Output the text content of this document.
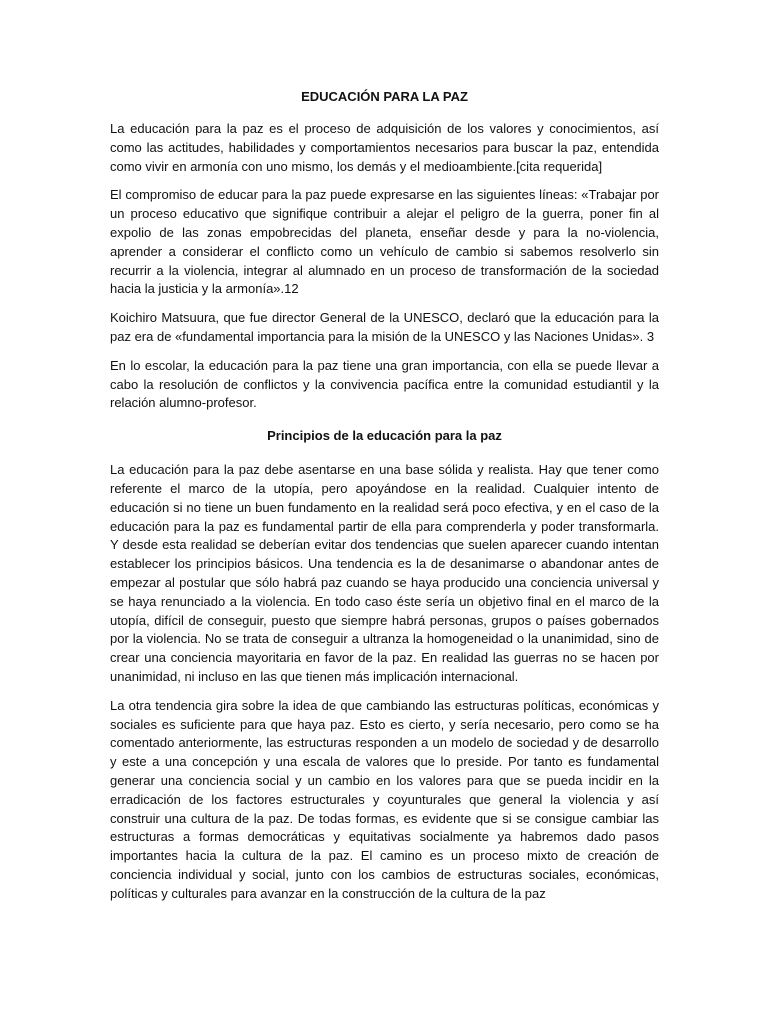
EDUCACIÓN PARA LA PAZ

La educación para la paz es el proceso de adquisición de los valores y conocimientos, así como las actitudes, habilidades y comportamientos necesarios para buscar la paz, entendida como vivir en armonía con uno mismo, los demás y el medioambiente.[cita requerida]

El compromiso de educar para la paz puede expresarse en las siguientes líneas: «Trabajar por un proceso educativo que signifique contribuir a alejar el peligro de la guerra, poner fin al expolio de las zonas empobrecidas del planeta, enseñar desde y para la no-violencia, aprender a considerar el conflicto como un vehículo de cambio si sabemos resolverlo sin recurrir a la violencia, integrar al alumnado en un proceso de transformación de la sociedad hacia la justicia y la armonía».12

Koichiro Matsuura, que fue director General de la UNESCO, declaró que la educación para la paz era de «fundamental importancia para la misión de la UNESCO y las Naciones Unidas». 3

En lo escolar, la educación para la paz tiene una gran importancia, con ella se puede llevar a cabo la resolución de conflictos y la convivencia pacífica entre la comunidad estudiantil y la relación alumno-profesor.

Principios de la educación para la paz

La educación para la paz debe asentarse en una base sólida y realista. Hay que tener como referente el marco de la utopía, pero apoyándose en la realidad. Cualquier intento de educación si no tiene un buen fundamento en la realidad será poco efectiva, y en el caso de la educación para la paz es fundamental partir de ella para comprenderla y poder transformarla. Y desde esta realidad se deberían evitar dos tendencias que suelen aparecer cuando intentan establecer los principios básicos. Una tendencia es la de desanimarse o abandonar antes de empezar al postular que sólo habrá paz cuando se haya producido una conciencia universal y se haya renunciado a la violencia. En todo caso éste sería un objetivo final en el marco de la utopía, difícil de conseguir, puesto que siempre habrá personas, grupos o países gobernados por la violencia. No se trata de conseguir a ultranza la homogeneidad o la unanimidad, sino de crear una conciencia mayoritaria en favor de la paz. En realidad las guerras no se hacen por unanimidad, ni incluso en las que tienen más implicación internacional.

La otra tendencia gira sobre la idea de que cambiando las estructuras políticas, económicas y sociales es suficiente para que haya paz. Esto es cierto, y sería necesario, pero como se ha comentado anteriormente, las estructuras responden a un modelo de sociedad y de desarrollo y este a una concepción y una escala de valores que lo preside. Por tanto es fundamental generar una conciencia social y un cambio en los valores para que se pueda incidir en la erradicación de los factores estructurales y coyunturales que general la violencia y así construir una cultura de la paz. De todas formas, es evidente que si se consigue cambiar las estructuras a formas democráticas y equitativas socialmente ya habremos dado pasos importantes hacia la cultura de la paz. El camino es un proceso mixto de creación de conciencia individual y social, junto con los cambios de estructuras sociales, económicas, políticas y culturales para avanzar en la construcción de la cultura de la paz
